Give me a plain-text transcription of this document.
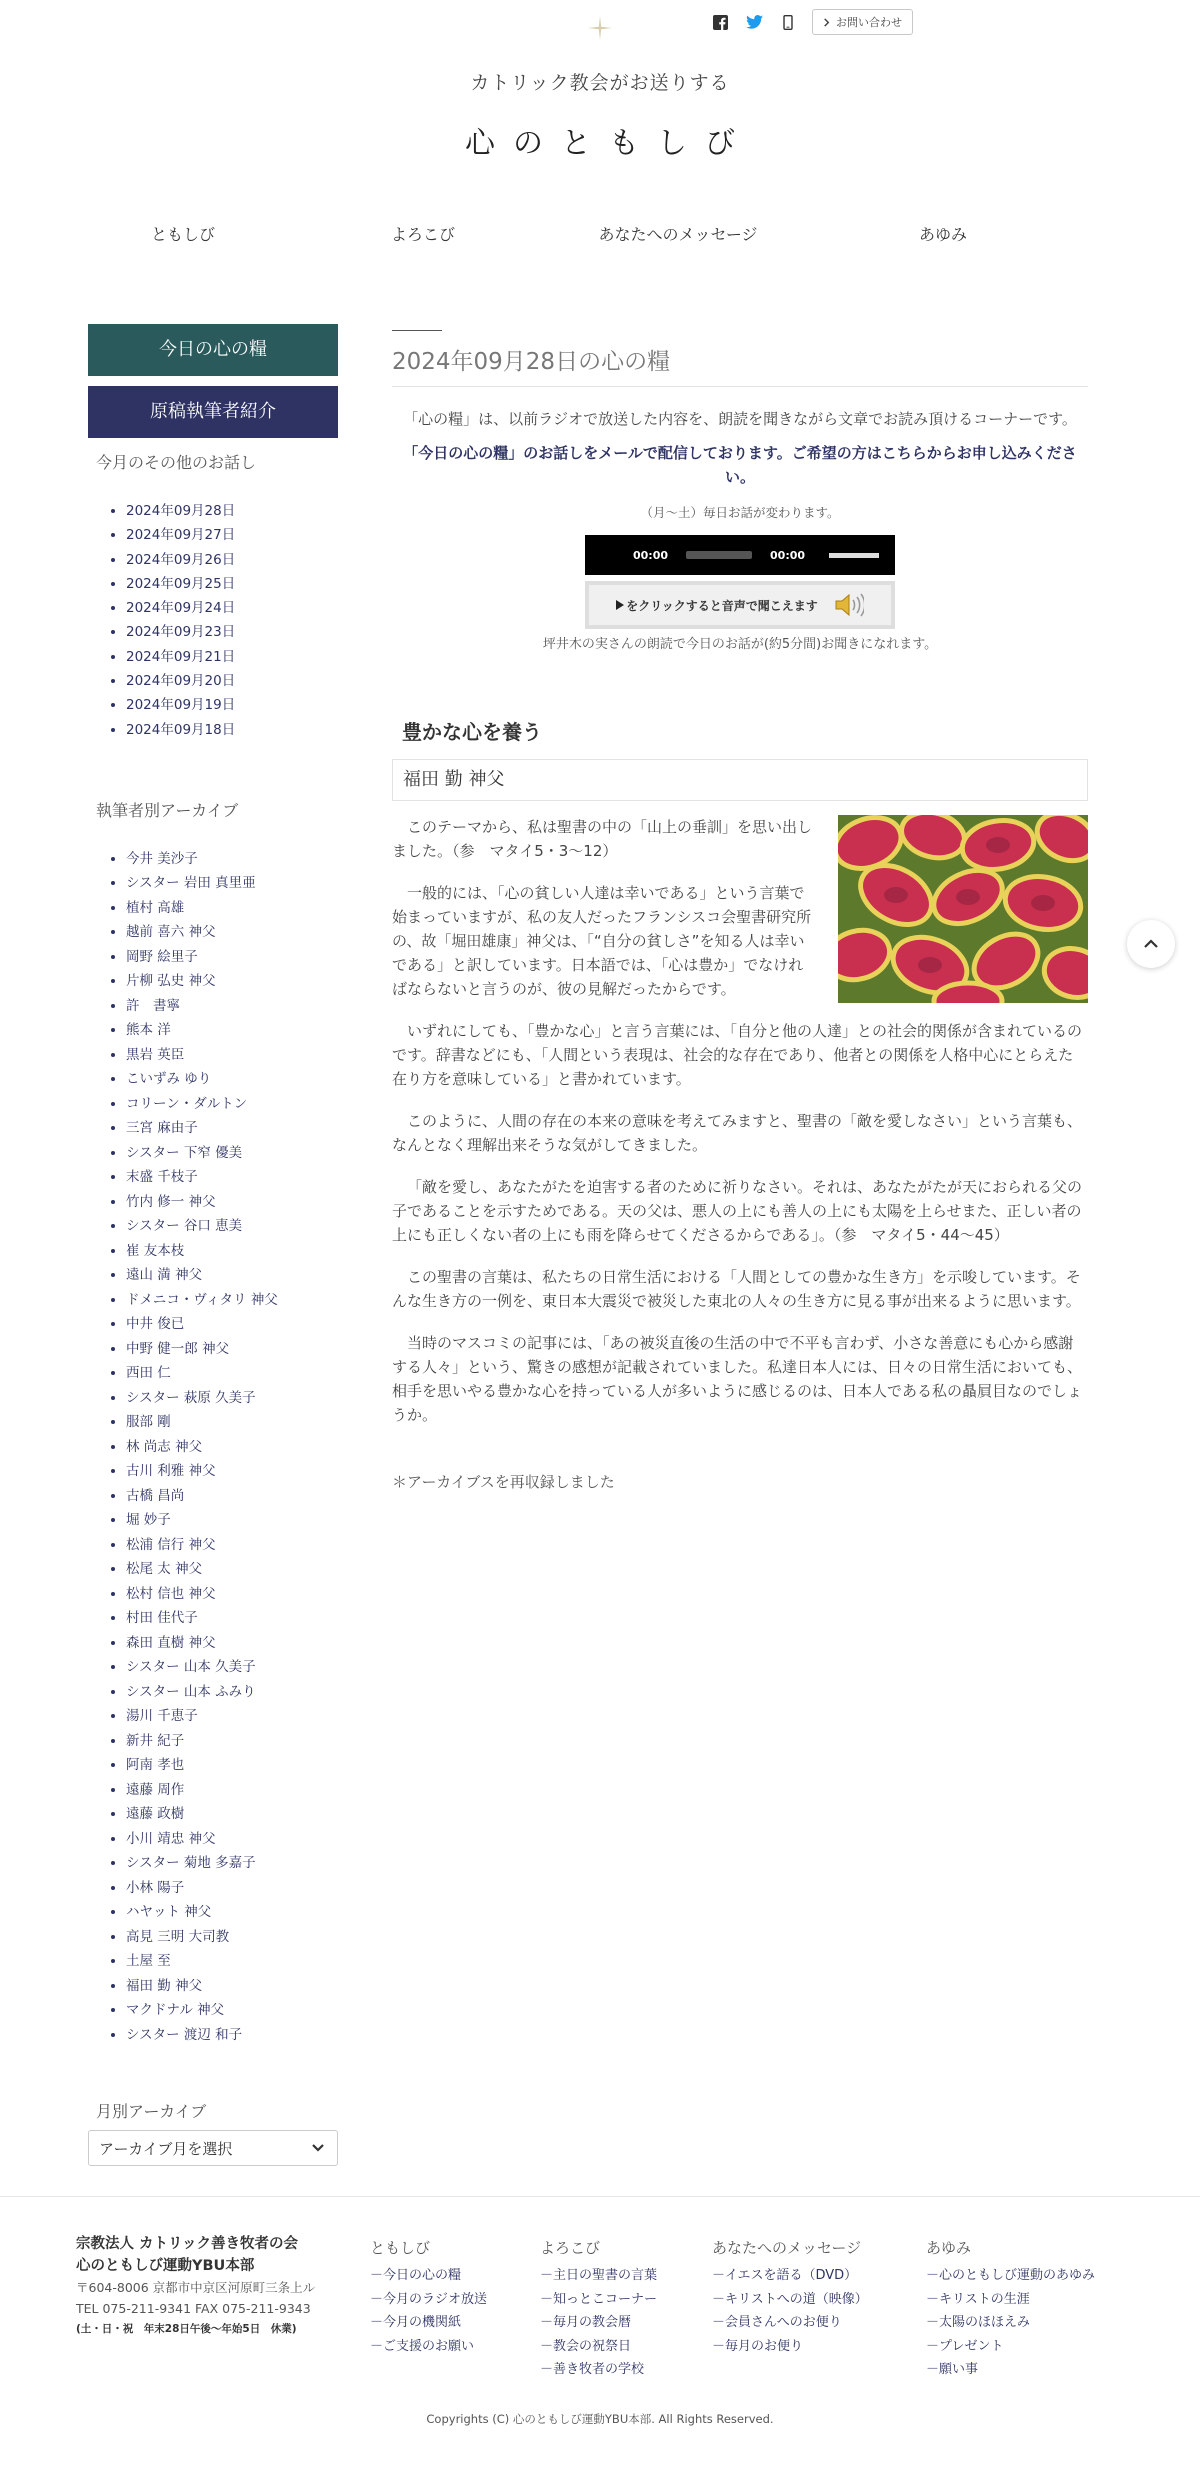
お問い合わせ
カトリック教会がお送りする
心のともしび
ともしび	よろこび	あなたへのメッセージ	あゆみ
今日の心の糧
原稿執筆者紹介
今月のその他のお話し
• 2024年09月28日
• 2024年09月27日
• 2024年09月26日
• 2024年09月25日
• 2024年09月24日
• 2024年09月23日
• 2024年09月21日
• 2024年09月20日
• 2024年09月19日
• 2024年09月18日
執筆者別アーカイブ
• 今井 美沙子
• シスター 岩田 真里亜
• 植村 高雄
• 越前 喜六 神父
• 岡野 絵里子
• 片柳 弘史 神父
• 許　書寧
• 熊本 洋
• 黒岩 英臣
• こいずみ ゆり
• コリーン・ダルトン
• 三宮 麻由子
• シスター 下窄 優美
• 末盛 千枝子
• 竹内 修一 神父
• シスター 谷口 恵美
• 崔 友本枝
• 遠山 満 神父
• ドメニコ・ヴィタリ 神父
• 中井 俊已
• 中野 健一郎 神父
• 西田 仁
• シスター 萩原 久美子
• 服部 剛
• 林 尚志 神父
• 古川 利雅 神父
• 古橋 昌尚
• 堀 妙子
• 松浦 信行 神父
• 松尾 太 神父
• 松村 信也 神父
• 村田 佳代子
• 森田 直樹 神父
• シスター 山本 久美子
• シスター 山本 ふみり
• 湯川 千恵子
• 新井 紀子
• 阿南 孝也
• 遠藤 周作
• 遠藤 政樹
• 小川 靖忠 神父
• シスター 菊地 多嘉子
• 小林 陽子
• ハヤット 神父
• 高見 三明 大司教
• 土屋 至
• 福田 勤 神父
• マクドナル 神父
• シスター 渡辺 和子
月別アーカイブ
アーカイブ月を選択
2024年09月28日の心の糧

「心の糧」は、以前ラジオで放送した内容を、朗読を聞きながら文章でお読み頂けるコーナーです。

「今日の心の糧」のお話しをメールで配信しております。ご希望の方はこちらからお申し込みください。

（月〜土）毎日お話が変わります。

00:00	00:00
をクリックすると音声で聞こえます

坪井木の実さんの朗読で今日のお話が(約5分間)お聞きになれます。

豊かな心を養う
福田 勤 神父

このテーマから、私は聖書の中の「山上の垂訓」を思い出しました。（参　マタイ5・3〜12）

一般的には、「心の貧しい人達は幸いである」という言葉で始まっていますが、私の友人だったフランシスコ会聖書研究所の、故「堀田雄康」神父は、「“自分の貧しさ”を知る人は幸いである」と訳しています。日本語では、「心は豊か」でなければならないと言うのが、彼の見解だったからです。

いずれにしても、「豊かな心」と言う言葉には、「自分と他の人達」との社会的関係が含まれているのです。辞書などにも、「人間という表現は、社会的な存在であり、他者との関係を人格中心にとらえた在り方を意味している」と書かれています。

このように、人間の存在の本来の意味を考えてみますと、聖書の「敵を愛しなさい」という言葉も、なんとなく理解出来そうな気がしてきました。

「敵を愛し、あなたがたを迫害する者のために祈りなさい。それは、あなたがたが天におられる父の子であることを示すためである。天の父は、悪人の上にも善人の上にも太陽を上らせまた、正しい者の上にも正しくない者の上にも雨を降らせてくださるからである」。（参　マタイ5・44〜45）

この聖書の言葉は、私たちの日常生活における「人間としての豊かな生き方」を示唆しています。そんな生き方の一例を、東日本大震災で被災した東北の人々の生き方に見る事が出来るように思います。

当時のマスコミの記事には、「あの被災直後の生活の中で不平も言わず、小さな善意にも心から感謝する人々」という、驚きの感想が記載されていました。私達日本人には、日々の日常生活においても、相手を思いやる豊かな心を持っている人が多いように感じるのは、日本人である私の贔屓目なのでしょうか。

＊アーカイブスを再収録しました

宗教法人 カトリック善き牧者の会
心のともしび運動YBU本部
〒604-8006 京都市中京区河原町三条上ル
TEL 075-211-9341 FAX 075-211-9343
(土・日・祝　年末28日午後〜年始5日　休業)
ともしび
－今日の心の糧
－今月のラジオ放送
－今月の機関紙
－ご支援のお願い
よろこび
－主日の聖書の言葉
－知っとこコーナー
－毎月の教会暦
－教会の祝祭日
－善き牧者の学校
あなたへのメッセージ
－イエスを語る（DVD）
－キリストへの道（映像）
－会員さんへのお便り
－毎月のお便り
あゆみ
－心のともしび運動のあゆみ
－キリストの生涯
－太陽のほほえみ
－プレゼント
－願い事
Copyrights (C) 心のともしび運動YBU本部. All Rights Reserved.
